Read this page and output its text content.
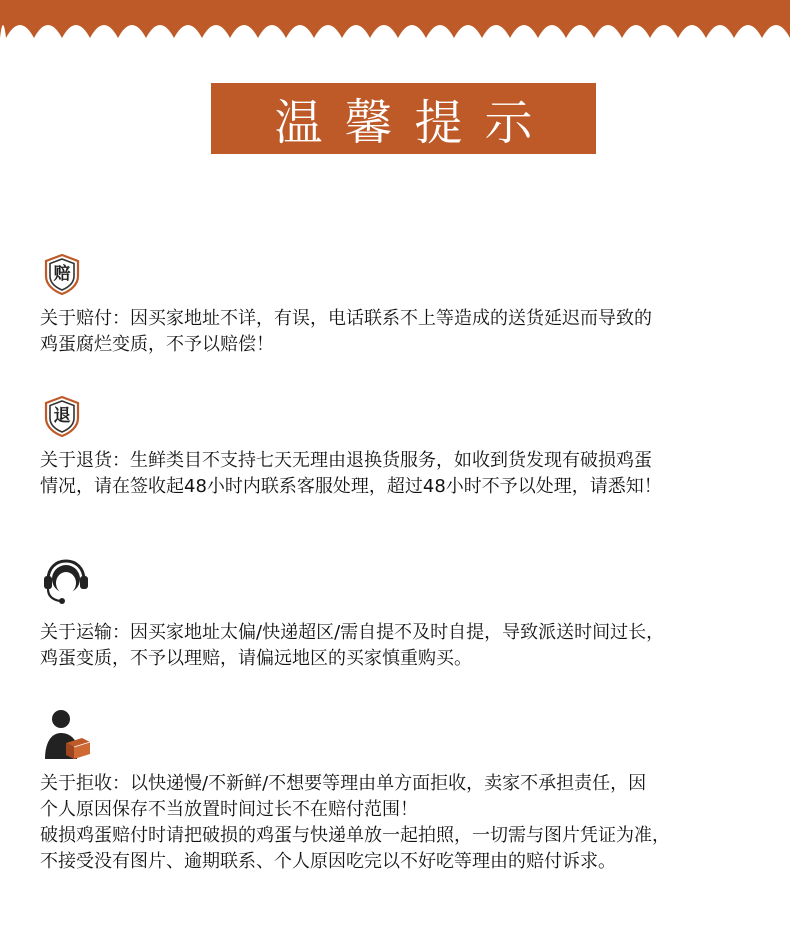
温馨提示
赔

关于赔付：因买家地址不详，有误，电话联系不上等造成的送货延迟而导致的

鸡蛋腐烂变质，不予以赔偿！

退

关于退货：生鲜类目不支持七天无理由退换货服务，如收到货发现有破损鸡蛋

情况，请在签收起48小时内联系客服处理，超过48小时不予以处理，请悉知！

关于运输：因买家地址太偏/快递超区/需自提不及时自提，导致派送时间过长，

鸡蛋变质，不予以理赔，请偏远地区的买家慎重购买。

关于拒收：以快递慢/不新鲜/不想要等理由单方面拒收，卖家不承担责任，因

个人原因保存不当放置时间过长不在赔付范围！

破损鸡蛋赔付时请把破损的鸡蛋与快递单放一起拍照，一切需与图片凭证为准，

不接受没有图片、逾期联系、个人原因吃完以不好吃等理由的赔付诉求。
